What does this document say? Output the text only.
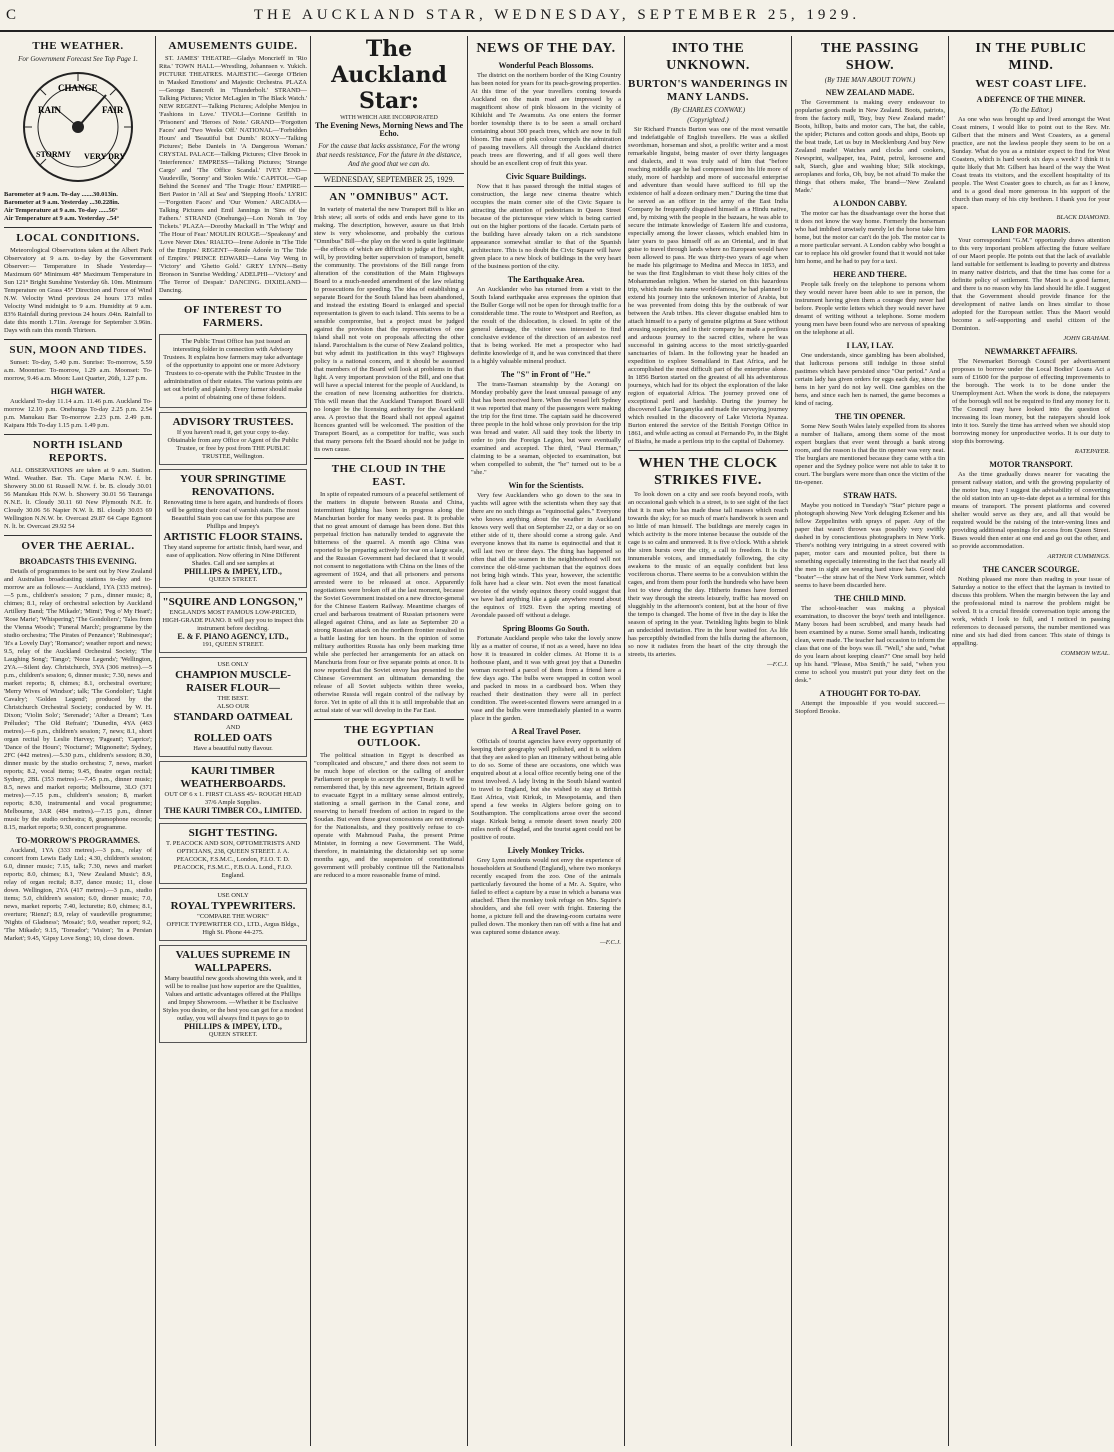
C	THE AUCKLAND STAR, WEDNESDAY, SEPTEMBER 25, 1929.
THE WEATHER.
For Government Forecast See Top Page 1.
RAIN
CHANGE
FAIR
STORMY VERY DRY
Barometer at 9 a.m. To-day .......30.013in.
Barometer at 9 a.m. Yesterday ...30.228in.
Air Temperature at 9 a.m. To-day ......56°
Air Temperature at 9 a.m. Yesterday ..54°
LOCAL CONDITIONS.

Meteorological Observations taken at the Albert Park Observatory at 9 a.m. to-day by the Government Observer:— Temperature in Shade Yesterday— Maximum 60° Minimum 48° Maximum Temperature in Sun 121° Bright Sunshine Yesterday 6h. 10m. Minimum Temperature on Grass 45° Direction and Force of Wind N.W. Velocity Wind previous 24 hours 173 miles Velocity Wind midnight to 9 a.m. Humidity at 9 a.m. 83% Rainfall during previous 24 hours .04in. Rainfall to date this month 1.71in. Average for September 3.96in. Days with rain this month Thirteen.

SUN, MOON AND TIDES.

Sunset: To-day, 5.40 p.m. Sunrise: To-morrow, 5.59 a.m. Moonrise: To-morrow, 1.29 a.m. Moonset: To-morrow, 9.46 a.m. Moon: Last Quarter, 26th, 1.27 p.m.

HIGH WATER.

Auckland To-day 11.14 a.m. 11.46 p.m. Auckland To-morrow 12.10 p.m. Onehunga To-day 2.25 p.m. 2.54 p.m. Manukau Bar To-morrow 2.23 p.m. 2.49 p.m. Kaipara Hds To-day 1.15 p.m. 1.49 p.m.

NORTH ISLAND REPORTS.

ALL OBSERVATIONS are taken at 9 a.m. Station. Wind. Weather. Bar. Th. Cape Maria N.W. f. br. Showery 30.00 61 Russell N.W. f. br. B. cloudy 30.01 56 Manukau Hds N.W. b. Showery 30.01 56 Tauranga N.N.E. lt. Cloudy 30.11 60 New Plymouth N.E. fr. Cloudy 30.06 56 Napier N.W. lt. Bl. cloudy 30.03 69 Wellington N.N.W. br. Overcast 29.87 64 Cape Egmont N. lt. br. Overcast 29.92 54

OVER THE AERIAL.
BROADCASTS THIS EVENING.

Details of programmes to be sent out by New Zealand and Australian broadcasting stations to-day and to-morrow are as follows:— Auckland, 1YA (333 metres).—5 p.m., children's session; 7 p.m., dinner music; 8, chimes; 8.1, relay of orchestral selection by Auckland Artillery Band; 'The Mikado'; 'Mimi'; 'Peg o' My Heart'; 'Rose Marie'; 'Whispering'; 'The Gondoliers'; 'Tales from the Vienna Woods'; 'Funeral March'; programme by the studio orchestra; 'The Pirates of Penzance'; 'Rubinesque'; 'It's a Lovely Day'; 'Romance'; weather report and news; 9.5, relay of the Auckland Orchestral Society; 'The Laughing Song'; 'Tango'; 'Norse Legends'; 'Wellington, 2YA.—Silent day. Christchurch, 3YA (306 metres).—5 p.m., children's session; 6, dinner music; 7.30, news and market reports; 8, chimes; 8.1, orchestral overture; 'Merry Wives of Windsor'; talk; 'The Gondolier'; 'Light Cavalry'; 'Golden Legend'; produced by the Christchurch Orchestral Society; conducted by W. H. Dixon; 'Violin Solo'; 'Serenade'; 'After a Dream'; 'Les Préludes'; 'The Old Refrain'; 'Dunedin, 4YA (463 metres).—6 p.m., children's session; 7, news; 8.1, short organ recital by Leslie Harvey; 'Pageant'; 'Caprice'; 'Dance of the Hours'; 'Nocturne'; 'Mignonette'; Sydney, 2FC (442 metres).—5.30 p.m., children's session; 8.30, dinner music by the studio orchestra; 7, news, market reports; 8.2, vocal items; 9.45, theatre organ recital; Sydney, 2BL (353 metres).—7.45 p.m., dinner music; 8.5, news and market reports; Melbourne, 3LO (371 metres).—7.15 p.m., children's session; 8, market reports; 8.30, instrumental and vocal programme; Melbourne, 3AR (484 metres).—7.15 p.m., dinner music by the studio orchestra; 8, gramophone records; 8.15, market reports; 9.30, concert programme.

TO-MORROW'S PROGRAMMES.

Auckland, 1YA (333 metres).—3 p.m., relay of concert from Lewis Eady Ltd.; 4.30, children's session; 6.0, dinner music; 7.15, talk; 7.30, news and market reports; 8.0, chimes; 8.1, 'New Zealand Music'; 8.9, relay of organ recital; 8.37, dance music; 11, close down. Wellington, 2YA (417 metres).—3 p.m., studio items; 5.0, children's session; 6.0, dinner music; 7.0, news, market reports; 7.40, lecturette; 8.0, chimes; 8.1, overture; 'Rienzi'; 8.9, relay of vaudeville programme; 'Nights of Gladness'; 'Mosaic'; 9.0, weather report; 9.2, 'The Mikado'; 9.15, 'Toreador'; 'Vision'; 'In a Persian Market'; 9.45, 'Gipsy Love Song'; 10, close down.

AMUSEMENTS GUIDE.

ST. JAMES' THEATRE—Gladys Moncrieff in 'Rio Rita.' TOWN HALL—Wrestling, Johannsen v. Yukich. PICTURE THEATRES. MAJESTIC—George O'Brien in 'Masked Emotions' and Majestic Orchestra. PLAZA—George Bancroft in 'Thunderbolt.' STRAND—Talking Pictures; Victor McLaglen in 'The Black Watch.' NEW REGENT—Talking Pictures; Adolphe Menjou in 'Fashions in Love.' TIVOLI—Corinne Griffith in 'Prisoners' and 'Heroes of Note.' GRAND—'Forgotten Faces' and 'Two Weeks Off.' NATIONAL—'Forbidden Hours' and 'Beautiful but Dumb.' ROXY—'Talking Pictures'; Bebe Daniels in 'A Dangerous Woman.' CRYSTAL PALACE—Talking Pictures; Clive Brook in 'Interference.' EMPRESS—Talking Pictures; 'Strange Cargo' and 'The Office Scandal.' IVEY END—Vaudeville, 'Sonny' and 'Stolen Wife.' CAPITOL—'Gap Behind the Scenes' and 'The Tragic Hour.' EMPIRE—Bert Pastor in 'All at Sea' and 'Stepping Hoofs.' LYRIC—'Forgotten Faces' and 'Our Women.' ARCADIA—Talking Pictures and Emil Jannings in 'Sins of the Fathers.' STRAND (Onehunga)—Lon Norah in 'Joy Tickets.' PLAZA—Dorothy Mackaill in 'The Whip' and 'The Hour of Fear.' MOULIN ROUGE—'Speakeasy' and 'Love Never Dies.' RIALTO—Irene Adorée in 'The Tide of the Empire.' REGENT—Renée Adorée in 'The Tide of Empire.' PRINCE EDWARD—Lana Vay Weng in 'Victory' and 'Ghetto Gold.' GREY LYNN—Betty Bronson in 'Sunrise Wedding.' ADELPHI—'Victory' and 'The Terror of Despair.' DANCING. DIXIELAND—Dancing.

OF INTEREST TO FARMERS.

The Public Trust Office has just issued an interesting folder in connection with Advisory Trustees. It explains how farmers may take advantage of the opportunity to appoint one or more Advisory Trustees to co-operate with the Public Trustee in the administration of their estates. The various points are set out briefly and plainly. Every farmer should make a point of obtaining one of these folders.

ADVISORY TRUSTEES.
If you haven't read it, get your copy to-day. Obtainable from any Office or Agent of the Public Trustee, or free by post from THE PUBLIC TRUSTEE, Wellington.
YOUR SPRINGTIME RENOVATIONS.
Renovating time is here again, and hundreds of floors will be getting their coat of varnish stain. The most Beautiful Stain you can use for this purpose are Phillips and Impey's
ARTISTIC FLOOR STAINS.
They stand supreme for artistic finish, hard wear, and ease of application. Now offering in Nine Different Shades. Call and see samples at
PHILLIPS & IMPEY, LTD.,
QUEEN STREET.
"SQUIRE AND LONGSON,"
ENGLAND'S MOST FAMOUS LOW-PRICED, HIGH-GRADE PIANO. It will pay you to inspect this instrument before deciding.
E. & F. PIANO AGENCY, LTD.,
191, QUEEN STREET.
USE ONLY
CHAMPION MUSCLE-RAISER FLOUR—
THE BEST.
ALSO OUR
STANDARD OATMEAL
AND
ROLLED OATS
Have a beautiful nutty flavour.
KAURI TIMBER WEATHERBOARDS.
OUT OF 6 x 1. FIRST CLASS 45/- ROUGH HEAD 37/6 Ample Supplies.
THE KAURI TIMBER CO., LIMITED.
SIGHT TESTING.
T. PEACOCK AND SON, OPTOMETRISTS AND OPTICIANS, 238, QUEEN STREET. J. A. PEACOCK, F.S.M.C., London, F.I.O. T. D. PEACOCK, F.S.M.C., F.B.O.A. Lond., F.I.O. England.
USE ONLY
ROYAL TYPEWRITERS.
"COMPARE THE WORK"
OFFICE TYPEWRITER CO., LTD., Argus Bldgs., High St. Phone 44-275.
VALUES SUPREME IN WALLPAPERS.
Many beautiful new goods showing this week, and it will be to realise just how superior are the Qualities, Values and artistic advantages offered at the Phillips and Impey Showroom. —Whether it be Exclusive Styles you desire, or the best you can get for a modest outlay, you will always find it pays to go to
PHILLIPS & IMPEY, LTD.,
QUEEN STREET.
The Auckland Star:
WITH WHICH ARE INCORPORATED
The Evening News, Morning News and The Echo.
For the cause that lacks assistance, For the wrong that needs resistance, For the future in the distance, And the good that we can do.
WEDNESDAY, SEPTEMBER 25, 1929.
AN "OMNIBUS" ACT.

In variety of material the new Transport Bill is like an Irish stew; all sorts of odds and ends have gone to its making. The description, however, assure us that Irish stew is very wholesome, and probably the curious "Omnibus" Bill—the play on the word is quite legitimate—the effects of which are difficult to judge at first sight, will, by providing better supervision of transport, benefit the community. The provisions of the Bill range from alteration of the constitution of the Main Highways Board to a much-needed amendment of the law relating to prosecutions for speeding. The idea of establishing a separate Board for the South Island has been abandoned, and instead the existing Board is enlarged and special representation is given to each island. This seems to be a sensible compromise, but a project must be judged against the provision that the representatives of one island shall not vote on proposals affecting the other island. Parochialism is the curse of New Zealand politics, but why admit its justification in this way? Highways policy is a national concern, and it should be assumed that members of the Board will look at problems in that light. A very important provision of the Bill, and one that will have a special interest for the people of Auckland, is the creation of new licensing authorities for districts. This will mean that the Auckland Transport Board will no longer be the licensing authority for the Auckland area. A proviso that the Board shall not appeal against licences granted will be welcomed. The position of the Transport Board, as a competitor for traffic, was such that many persons felt the Board should not be judge in its own cause.

THE CLOUD IN THE EAST.

In spite of repeated rumours of a peaceful settlement of the matters in dispute between Russia and China, intermittent fighting has been in progress along the Manchurian border for many weeks past. It is probable that no great amount of damage has been done. But this perpetual friction has naturally tended to aggravate the bitterness of the quarrel. A month ago China was reported to be preparing actively for war on a large scale, and the Russian Government had declared that it would not consent to negotiations with China on the lines of the agreement of 1924, and that all prisoners and persons arrested were to be released at once. Apparently negotiations were broken off at the last moment, because the Soviet Government insisted on a new director-general for the Chinese Eastern Railway. Meantime charges of cruel and barbarous treatment of Russian prisoners were alleged against China, and as late as September 20 a strong Russian attack on the northern frontier resulted in a battle lasting for ten hours. In the opinion of some military authorities Russia has only been marking time while she perfected her arrangements for an attack on Manchuria from four or five separate points at once. It is now reported that the Soviet envoy has presented to the Chinese Government an ultimatum demanding the release of all Soviet subjects within three weeks, otherwise Russia will regain control of the railway by force. Yet in spite of all this it is still improbable that an actual state of war will develop in the Far East.

THE EGYPTIAN OUTLOOK.

The political situation in Egypt is described as "complicated and obscure," and there does not seem to be much hope of election or the calling of another Parliament or people to accept the new Treaty. It will be remembered that, by this new agreement, Britain agreed to evacuate Egypt in a military sense almost entirely, stationing a small garrison in the Canal zone, and reserving to herself freedom of action in regard to the Soudan. But even these great concessions are not enough for the Nationalists, and they positively refuse to co-operate with Mahmoud Pasha, the present Prime Minister, in forming a new Government. The Wafd, therefore, in maintaining the dictatorship set up some months ago, and the suspension of constitutional government will probably continue till the Nationalists are reduced to a more reasonable frame of mind.

NEWS OF THE DAY.
Wonderful Peach Blossoms.

The district on the northern border of the King Country has been noted for years for its peach-growing properties. At this time of the year travellers coming towards Auckland on the main road are impressed by a magnificent show of pink blossom in the vicinity of Kihikihi and Te Awamutu. As one enters the former border township there is to be seen a small orchard containing about 300 peach trees, which are now in full bloom. The mass of pink colour compels the admiration of passing travellers. All through the Auckland district peach trees are flowering, and if all goes well there should be an excellent crop of fruit this year.

Civic Square Buildings.

Now that it has passed through the initial stages of construction, the large new cinema theatre which occupies the main corner site of the Civic Square is attracting the attention of pedestrians in Queen Street because of the picturesque view which is being carried out on the higher portions of the facade. Certain parts of the building have already taken on a rich sandstone appearance somewhat similar to that of the Spanish architecture. This is no doubt the Civic Square will have given place to a new block of buildings in the very heart of the business portion of the city.

The Earthquake Area.

An Aucklander who has returned from a visit to the South Island earthquake area expresses the opinion that the Buller Gorge will not be open for through traffic for a considerable time. The route to Westport and Reefton, as the result of the dislocation, is closed. In spite of the general damage, the visitor was interested to find conclusive evidence of the direction of an asbestos reef that is being worked. He met a prospector who had definite knowledge of it, and he was convinced that there is a highly valuable mineral product.

The "S" in Front of "He."

The trans-Tasman steamship by the Aorangi on Monday probably gave the least unusual passage of any that has been received here. When the vessel left Sydney it was reported that many of the passengers were making the trip for the first time. The captain said he discovered three people in the hold whose only provision for the trip was bread and water. All said they took the liberty in order to join the Foreign Legion, but were eventually examined and accepted. The third, "Paul Herman," claiming to be a seaman, objected to examination, but when compelled to submit, the "he" turned out to be a "she."

Win for the Scientists.

Very few Aucklanders who go down to the sea in yachts will agree with the scientists when they say that there are no such things as "equinoctial gales." Everyone who knows anything about the weather in Auckland knows very well that on September 22, or a day or so on either side of it, there should come a strong gale. And everyone knows that its name is equinoctial and that it will last two or three days. The thing has happened so often that all the seamen in the neighbourhood will not convince the old-time yachtsman that the equinox does not bring high winds. This year, however, the scientific folk have had a clear win. Not even the most fanatical devotee of the windy equinox theory could suggest that we have had anything like a gale anywhere round about the equinox of 1929. Even the spring meeting of Avondale passed off without a deluge.

Spring Blooms Go South.

Fortunate Auckland people who take the lovely snow lily as a matter of course, if not as a weed, have no idea how it is treasured in colder climes. At Home it is a hothouse plant, and it was with great joy that a Dunedin woman received a parcel of them from a friend here a few days ago. The bulbs were wrapped in cotton wool and packed in moss in a cardboard box. When they reached their destination they were all in perfect condition. The sweet-scented flowers were arranged in a vase and the bulbs were immediately planted in a warm place in the garden.

A Real Travel Poser.

Officials of tourist agencies have every opportunity of keeping their geography well polished, and it is seldom that they are asked to plan an itinerary without being able to do so. Some of these are occasions, one which was enquired about at a local office recently being one of the most involved. A lady living in the South Island wanted to travel to England, but she wished to stay at British East Africa, visit Kirkuk, in Mesopotamia, and then spend a few weeks in Algiers before going on to Southampton. The complications arose over the second stage. Kirkuk being a remote desert town nearly 200 miles north of Bagdad, and the tourist agent could not be positive of route.

Lively Monkey Tricks.

Grey Lynn residents would not envy the experience of householders at Southend (England), where two monkeys recently escaped from the zoo. One of the animals particularly favoured the home of a Mr. A. Squire, who failed to effect a capture by a ruse in which a banana was attached. Then the monkey took refuge on Mrs. Squire's shoulders, and she fell over with fright. Entering the home, a picture fell and the drawing-room curtains were pulled down. The monkey then ran off with a fine hat and was captured some distance away.

—F.C.J.
INTO THE UNKNOWN.
BURTON'S WANDERINGS IN MANY LANDS.
(By CHARLES CONWAY.)
(Copyrighted.)

Sir Richard Francis Burton was one of the most versatile and indefatigable of English travellers. He was a skilled swordsman, horseman and shot, a prolific writer and a most remarkable linguist, being master of over thirty languages and dialects, and it was truly said of him that "before reaching middle age he had compressed into his life more of study, more of hardship and more of successful enterprise and adventure than would have sufficed to fill up the existence of half a dozen ordinary men." During the time that he served as an officer in the army of the East India Company he frequently disguised himself as a Hindu native, and, by mixing with the people in the bazaars, he was able to secure the intimate knowledge of Eastern life and customs, especially among the lower classes, which enabled him in later years to pass himself off as an Oriental, and in that guise to travel through lands where no European would have been allowed to pass. He was thirty-two years of age when he made his pilgrimage to Medina and Mecca in 1853, and he was the first Englishman to visit these holy cities of the Mohammedan religion. When he started on this hazardous trip, which made his name world-famous, he had planned to extend his journey into the unknown interior of Arabia, but he was prevented from doing this by the outbreak of war between the Arab tribes. His clever disguise enabled him to attach himself to a party of genuine pilgrims at Suez without arousing suspicion, and in their company he made a perilous and arduous journey to the sacred cities, where he was successful in gaining access to the most strictly-guarded sanctuaries of Islam. In the following year he headed an expedition to explore Somaliland in East Africa, and he accomplished the most difficult part of the enterprise alone. In 1856 Burton started on the greatest of all his adventurous journeys, which had for its object the exploration of the lake region of equatorial Africa. The journey proved one of exceptional peril and hardship. During the journey he discovered Lake Tanganyika and made the surveying journey which resulted in the discovery of Lake Victoria Nyanza. Burton entered the service of the British Foreign Office in 1861, and while acting as consul at Fernando Po, in the Bight of Biafra, he made a perilous trip to the capital of Dahomey.

WHEN THE CLOCK STRIKES FIVE.

To look down on a city and see roofs beyond roofs, with an occasional gash which is a street, is to see sight of the fact that it is man who has made these tall masses which reach towards the sky; for so much of man's handiwork is seen and so little of man himself. The buildings are merely cages in which activity is the more intense because the outside of the cage is so calm and unmoved. It is five o'clock. With a shriek the siren bursts over the city, a call to freedom. It is the innumerable voices, and immediately following, the city awakens to the music of an equally confident but less vociferous chorus. There seems to be a convulsion within the cages, and from them pour forth the hundreds who have been lost to view during the day. Hitherto frames have formed their way through the streets leisurely, traffic has moved on sluggishly in the afternoon's content, but at the hour of five the tempo is changed. The home of five in the day is like the season of spring in the year. Twinkling lights begin to blink an undecided invitation. Fire in the hour waited for. As life has perceptibly dwindled from the hills during the afternoon, so now it radiates from the heart of the city through the streets, its arteries.

—F.C.J.
THE PASSING SHOW.
(By THE MAN ABOUT TOWN.)
NEW ZEALAND MADE.

The Government is making every endeavour to popularise goods made in New Zealand. Boots, patriots, from the factory mill, 'Buy, buy New Zealand made!' Boots, hilltop, baits and motor cars, The bat, the cable, the spider; Pictures and cotton goods and ships, Boots up the beat trade, Let us buy in Mecklenburg And buy New Zealand made! Watches and clocks and cookers, Newsprint, wallpaper, tea, Paint, petrol, kerosene and salt, Starch, glue and washing blue; Silk stockings, aeroplanes and forks, Oh, buy, be not afraid To make the things that others make, The brand—'New Zealand Made.'

A LONDON CABBY.

The motor car has the disadvantage over the horse that it does not know the way home. Formerly the horseman who had imbibed unwisely merely let the horse take him home, but the motor car can't do the job. The motor car is a more particular servant. A London cabby who bought a car to replace his old growler found that it would not take him home, and he had to pay for a taxi.

HERE AND THERE.

People talk freely on the telephone to persons whom they would never have been able to see in person, the instrument having given them a courage they never had before. People write letters which they would never have dreamt of writing without a telephone. Some modern young men have been found who are nervous of speaking on the telephone at all.

I LAY, I LAY.

One understands, since gambling has been abolished, that ludicrous persons still indulge in those sinful pastimes which have persisted since "Our period." And a certain lady has given orders for eggs each day, since the hens in her yard do not lay well. One gambles on the hens, and since each hen is named, the game becomes a kind of racing.

THE TIN OPENER.

Some New South Wales lately expelled from its shores a number of Italians, among them some of the most expert burglars that ever went through a bank strong room, and the reason is that the tin opener was very neat. The burglars are mentioned because they came with a tin opener and the Sydney police were not able to take it to court. The burglars were more than once the victim of the tin-opener.

STRAW HATS.

Maybe you noticed in Tuesday's "Star" picture page a photograph showing New York deluging Eckener and his fellow Zeppelinites with sprays of paper. Any of the paper that wasn't thrown was possibly very swiftly dashed in by conscientious photographers in New York. There's nothing very intriguing in a street covered with paper, motor cars and mounted police, but there is something especially interesting in the fact that nearly all the men in sight are wearing hard straw hats. Good old "boater"—the straw hat of the New York summer, which seems to have been discarded here.

THE CHILD MIND.

The school-teacher was making a physical examination, to discover the boys' teeth and intelligence. Many boxes had been scrubbed, and many heads had been examined by a nurse. Some small hands, indicating clean, were made. The teacher had occasion to inform the class that one of the boys was ill. "Well," she said, "what do you learn about keeping clean?" One small boy held up his hand. "Please, Miss Smith," he said, "when you come to school you mustn't put your dirty feet on the desk."

A THOUGHT FOR TO-DAY.

Attempt the impossible if you would succeed.—Stopford Brooke.

IN THE PUBLIC MIND.
WEST COAST LIFE.
A DEFENCE OF THE MINER.
(To the Editor.)

As one who was brought up and lived amongst the West Coast miners, I would like to point out to the Rev. Mr. Gilbert that the miners and West Coasters, as a general practice, are not the lawless people they seem to be on a Sunday. What do you as a minister expect to find for West Coasters, which is hard work six days a week? I think it is quite likely that Mr. Gilbert has heard of the way the West Coast treats its visitors, and the excellent hospitality of its people. The West Coaster goes to church, as far as I know, and is a good deal more generous in his support of the church than many of his city brethren. I thank you for your space.

BLACK DIAMOND.
LAND FOR MAORIS.

Your correspondent "G.M." opportunely draws attention to this very important problem affecting the future welfare of our Maori people. He points out that the lack of available land suitable for settlement is leading to poverty and distress in many native districts, and that the time has come for a definite policy of settlement. The Maori is a good farmer, and there is no reason why his land should lie idle. I suggest that the Government should provide finance for the development of native lands on lines similar to those adopted for the European settler. Thus the Maori would become a self-supporting and useful citizen of the Dominion.

JOHN GRAHAM.
NEWMARKET AFFAIRS.

The Newmarket Borough Council per advertisement proposes to borrow under the Local Bodies' Loans Act a sum of £1600 for the purpose of effecting improvements to the borough. The work is to be done under the Unemployment Act. When the work is done, the ratepayers of the borough will not be required to find any money for it. The Council may have looked into the question of increasing its loan money, but the ratepayers should look into it too. Surely the time has arrived when we should stop borrowing money for unproductive works. It is our duty to stop this borrowing.

RATEPAYER.
MOTOR TRANSPORT.

As the time gradually draws nearer for vacating the present railway station, and with the growing popularity of the motor bus, may I suggest the advisability of converting the old station into an up-to-date depot as a terminal for this means of transport. The present platforms and covered shelter would serve as they are, and all that would be required would be the raising of the inter-vening lines and providing additional openings for access from Queen Street. Buses would then enter at one end and go out the other, and so provide accommodation.

ARTHUR CUMMINGS.
THE CANCER SCOURGE.

Nothing pleased me more than reading in your issue of Saturday a notice to the effect that the layman is invited to discuss this problem. When the margin between the lay and the professional mind is narrow the problem might be solved. It is a crucial fireside conversation topic among the work, which I look to full, and I noticed in passing references to deceased persons, the number mentioned was nine and six had died from cancer. This state of things is appalling.

COMMON WEAL.
